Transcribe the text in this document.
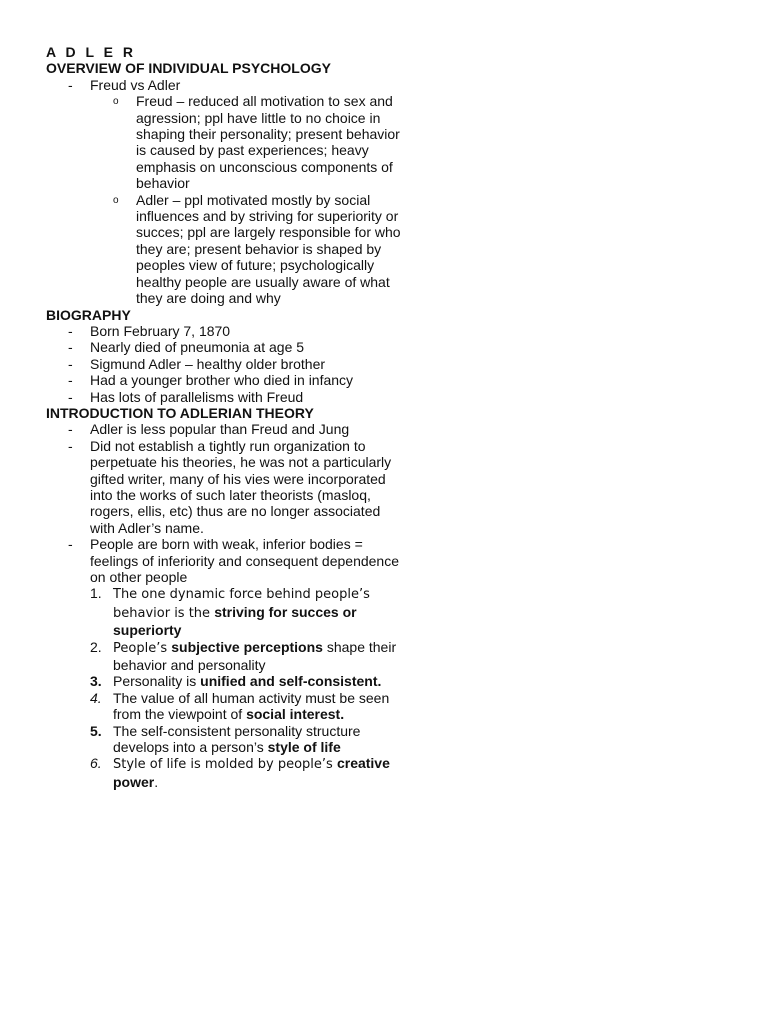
A D L E R
OVERVIEW OF INDIVIDUAL PSYCHOLOGY
- Freud vs Adler
o Freud – reduced all motivation to sex and agression; ppl have little to no choice in shaping their personality; present behavior is caused by past experiences; heavy emphasis on unconscious components of behavior
o Adler – ppl motivated mostly by social influences and by striving for superiority or succes; ppl are largely responsible for who they are; present behavior is shaped by peoples view of future; psychologically healthy people are usually aware of what they are doing and why
BIOGRAPHY
- Born February 7, 1870
- Nearly died of pneumonia at age 5
- Sigmund Adler – healthy older brother
- Had a younger brother who died in infancy
- Has lots of parallelisms with Freud
INTRODUCTION TO ADLERIAN THEORY
- Adler is less popular than Freud and Jung
- Did not establish a tightly run organization to perpetuate his theories, he was not a particularly gifted writer, many of his vies were incorporated into the works of such later theorists (masloq, rogers, ellis, etc) thus are no longer associated with Adler’s name.
- People are born with weak, inferior bodies = feelings of inferiority and consequent dependence on other people
1. The one dynamic force behind people’s behavior is the striving for succes or superiorty
2. People’s subjective perceptions shape their behavior and personality
3. Personality is unified and self-consistent.
4. The value of all human activity must be seen from the viewpoint of social interest.
5. The self-consistent personality structure develops into a person’s style of life
6. Style of life is molded by people’s creative power.
